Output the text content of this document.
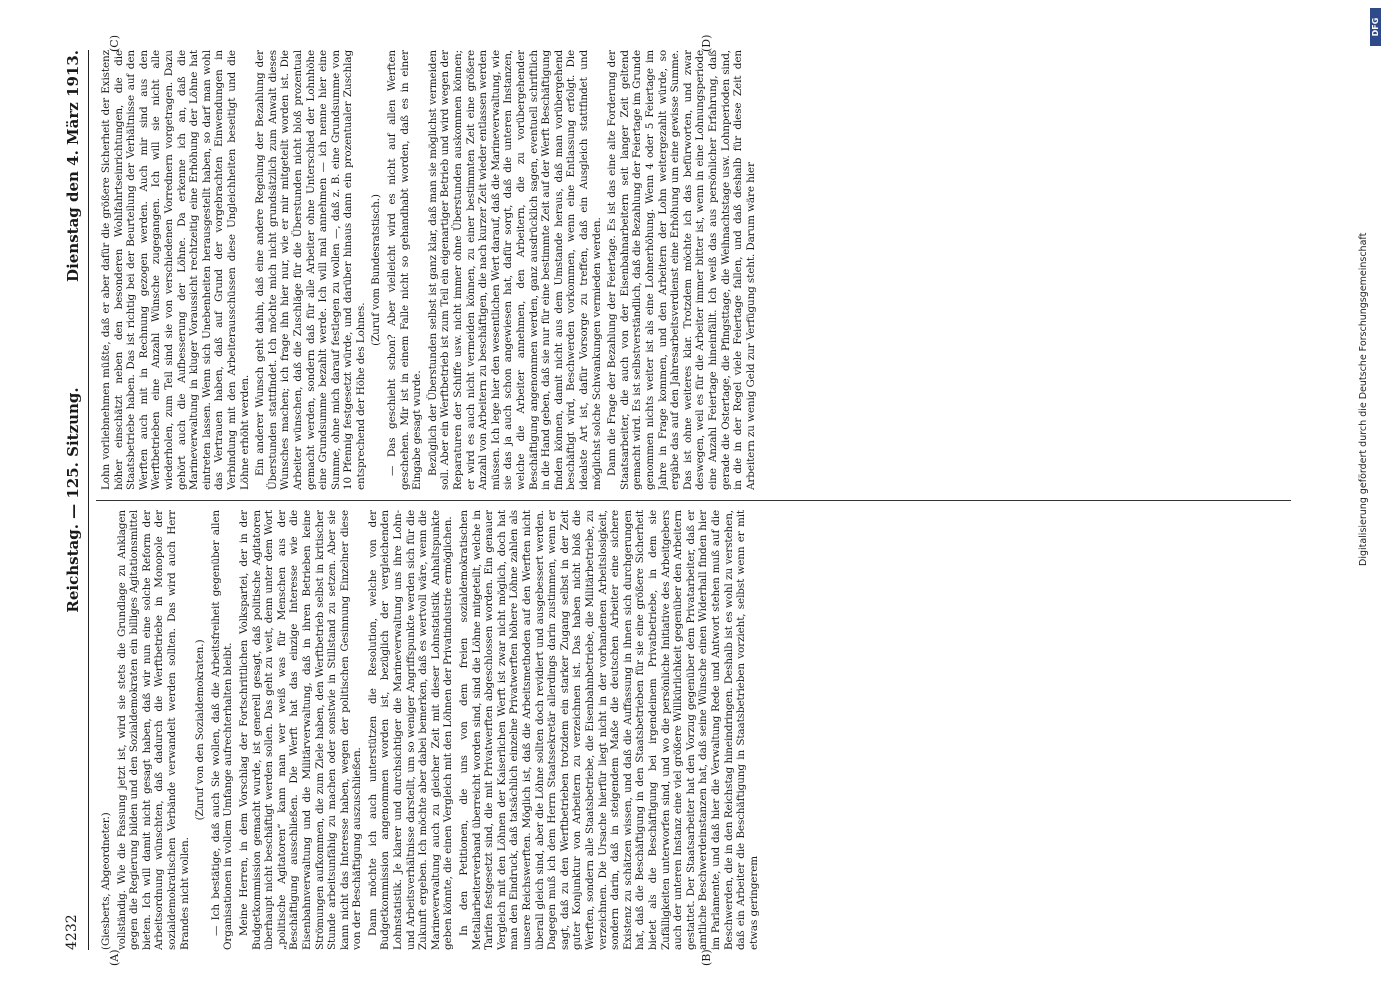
4232
Reichstag. — 125. Sitzung.
Dienstag den 4. März 1913.

(Giesberts, Abgeordneter.) vollständig. Wie die Fassung jetzt ist, wird sie stets die Grundlage zu Anklagen gegen die Regierung bilden und den Sozialdemokraten ein billiges Agitationsmittel bieten. Ich will damit nicht gesagt haben, daß wir nun eine solche Reform der Arbeitsordnung wünschten, daß dadurch die Werftbetriebe in Monopole der sozialdemokratischen Verbände verwandelt werden sollten. Das wird auch Herr Brandes nicht wollen.

(Zuruf von den Sozialdemokraten.) — Ich bestätige, daß auch Sie wollen, daß die Arbeitsfreiheit gegenüber allen Organisationen in vollem Umfange aufrechterhalten bleibt. Meine Herren, in dem Vorschlag der Fortschrittlichen Volkspartei, der in der Budgetkommission gemacht wurde, ist generell gesagt, daß politische Agitatoren überhaupt nicht beschäftigt werden sollen. Das geht zu weit, denn unter dem Wort „politische Agitatoren“ kann man wer weiß was für Menschen aus der Beschäftigung ausschließen. Die Werft hat das einzige Interesse wie die Eisenbahnverwaltung und die Militärverwaltung, daß in ihren Betrieben keine Strömungen aufkommen, die zum Ziele haben, den Werftbetrieb selbst in kritischer Stunde arbeitsunfähig zu machen oder sonstwie in Stillstand zu setzen. Aber sie kann nicht das Interesse haben, wegen der politischen Gesinnung Einzelner diese von der Beschäftigung auszuschließen. Dann möchte ich auch unterstützen die Resolution, welche von der Budgetkommission angenommen worden ist, bezüglich der vergleichenden Lohnstatistik. Je klarer und durchsichtiger die Marineverwaltung uns ihre Lohn- und Arbeitsverhältnisse darstellt, um so weniger Angriffspunkte werden sich für die Zukunft ergeben. Ich möchte aber dabei bemerken, daß es wertvoll wäre, wenn die Marineverwaltung auch zu gleicher Zeit mit dieser Lohnstatistik Anhaltspunkte geben könnte, die einen Vergleich mit den Löhnen der Privatindustrie ermöglichen. In den Petitionen, die uns von dem freien sozialdemokratischen Metallarbeiterverband überreicht worden sind, sind die Löhne mitgeteilt, welche in Tarifen festgesetzt sind, die mit Privatwerften abgeschlossen worden. Ein genauer Vergleich mit den Löhnen der Kaiserlichen Werft ist zwar nicht möglich, doch hat man den Eindruck, daß tatsächlich einzelne Privatwerften höhere Löhne zahlen als unsere Reichswerften. Möglich ist, daß die Arbeitsmethoden auf den Werften nicht überall gleich sind, aber die Löhne sollten doch revidiert und ausgebessert werden. Dagegen muß ich dem Herrn Staatssekretär allerdings darin zustimmen, wenn er sagt, daß zu den Werftbetrieben trotzdem ein starker Zugang selbst in der Zeit guter Konjunktur von Arbeitern zu verzeichnen ist. Das haben nicht bloß die Werften, sondern alle Staatsbetriebe, die Eisenbahnbetriebe, die Militärbetriebe, zu verzeichnen. Die Ursache hierfür liegt nicht in der vorhandenen Arbeitslosigkeit, sondern darin, daß in steigendem Maße die deutschen Arbeiter eine sichere Existenz zu schätzen wissen, und daß die Auffassung in ihnen sich durchgerungen hat, daß die Beschäftigung in den Staatsbetrieben für sie eine größere Sicherheit bietet als die Beschäftigung bei irgendeinem Privatbetriebe, in dem sie Zufälligkeiten unterworfen sind, und wo die persönliche Initiative des Arbeitgebers auch der unteren Instanz eine viel größere Willkürlichkeit gegenüber den Arbeitern gestattet. Der Staatsarbeiter hat den Vorzug gegenüber dem Privatarbeiter, daß er amtliche Beschwerdeinstanzen hat, daß seine Wünsche einen Widerhall finden hier im Parlamente, und daß hier die Verwaltung Rede und Antwort stehen muß auf die Beschwerden, die in den Reichstag hineindringen. Deshalb ist es wohl zu verstehen, daß ein Arbeiter die Beschäftigung in Staatsbetrieben vorzieht, selbst wenn er mit etwas geringerem

Lohn vorliebnehmen müßte, daß er aber dafür die größere Sicherheit der Existenz höher einschätzt neben den besonderen Wohlfahrtseinrichtungen, die die Staatsbetriebe haben. Das ist richtig bei der Beurteilung der Verhältnisse auf den Werften auch mit in Rechnung gezogen werden. Auch mir sind aus den Werftbetrieben eine Anzahl Wünsche zugegangen. Ich will sie nicht alle wiederholen, zum Teil sind sie von verschiedenen Vorrednern vorgetragen. Dazu gehört auch die Aufbesserung der Löhne. Da erkenne ich an, daß die Marineverwaltung in kluger Voraussicht rechtzeitig eine Erhöhung der Löhne hat eintreten lassen. Wenn sich Unebenheiten herausgestellt haben, so darf man wohl das Vertrauen haben, daß auf Grund der vorgebrachten Einwendungen in Verbindung mit den Arbeiterausschüssen diese Ungleichheiten beseitigt und die Löhne erhöht werden. Ein anderer Wunsch geht dahin, daß eine andere Regelung der Bezahlung der Überstunden stattfindet. Ich möchte mich nicht grundsätzlich zum Anwalt dieses Wunsches machen; ich frage ihn hier nur, wie er mir mitgeteilt worden ist. Die Arbeiter wünschen, daß die Zuschläge für die Überstunden nicht bloß prozentual gemacht werden, sondern daß für alle Arbeiter ohne Unterschied der Lohnhöhe eine Grundsumme bezahlt werde. Ich will mal annehmen — ich nenne hier eine Summe, ohne mich darauf festlegen zu wollen —, daß z. B. eine Grundsumme von 10 Pfennig festgesetzt würde, und darüber hinaus dann ein prozentualer Zuschlag entsprechend der Höhe des Lohnes.

(Zuruf vom Bundesratstisch.) — Das geschieht schon? Aber vielleicht wird es nicht auf allen Werften geschehen. Mir ist in einem Falle nicht so gehandhabt worden, daß es in einer Eingabe gesagt wurde. Bezüglich der Überstunden selbst ist ganz klar, daß man sie möglichst vermeiden soll. Aber ein Werftbetrieb ist zum Teil ein eigenartiger Betrieb und wird wegen der Reparaturen der Schiffe usw. nicht immer ohne Überstunden auskommen können; er wird es auch nicht vermeiden können, zu einer bestimmten Zeit eine größere Anzahl von Arbeitern zu beschäftigen, die nach kurzer Zeit wieder entlassen werden müssen. Ich lege hier den wesentlichen Wert darauf, daß die Marineverwaltung, wie sie das ja auch schon angewiesen hat, dafür sorgt, daß die unteren Instanzen, welche die Arbeiter annehmen, den Arbeitern, die zu vorübergehender Beschäftigung angenommen werden, ganz ausdrücklich sagen, eventuell schriftlich in die Hand geben, daß sie nur für eine bestimmte Zeit auf der Werft Beschäftigung finden können, damit nicht aus dem Umstande heraus, daß man vorübergehend beschäftigt wird, Beschwerden vorkommen, wenn eine Entlassung erfolgt. Die idealste Art ist, dafür Vorsorge zu treffen, daß ein Ausgleich stattfindet und möglichst solche Schwankungen vermieden werden. Dann die Frage der Bezahlung der Feiertage. Es ist das eine alte Forderung der Staatsarbeiter, die auch von der Eisenbahnarbeitern seit langer Zeit geltend gemacht wird. Es ist selbstverständlich, daß die Bezahlung der Feiertage im Grunde genommen nichts weiter ist als eine Lohnerhöhung. Wenn 4 oder 5 Feiertage im Jahre in Frage kommen, und den Arbeitern der Lohn weitergezahlt würde, so ergäbe das auf den Jahresarbeitsverdienst eine Erhöhung um eine gewisse Summe. Das ist ohne weiteres klar. Trotzdem möchte ich das befürworten, und zwar deswegen, weil es für die Arbeiter immer bitter ist, wenn in eine Lohnungsperiode eine Anzahl Feiertage hineinfällt. Ich weiß das aus persönlicher Erfahrung, daß gerade die Ostertage, die Pfingsttage, die Weihnachtstage usw. Lohnperioden sind, in die in der Regel viele Feiertage fallen, und daß deshalb für diese Zeit den Arbeitern zu wenig Geld zur Verfügung steht. Darum wäre hier

(A)	(B)
(C)	(D)
DFG
Digitalisierung gefördert durch die Deutsche Forschungsgemeinschaft
